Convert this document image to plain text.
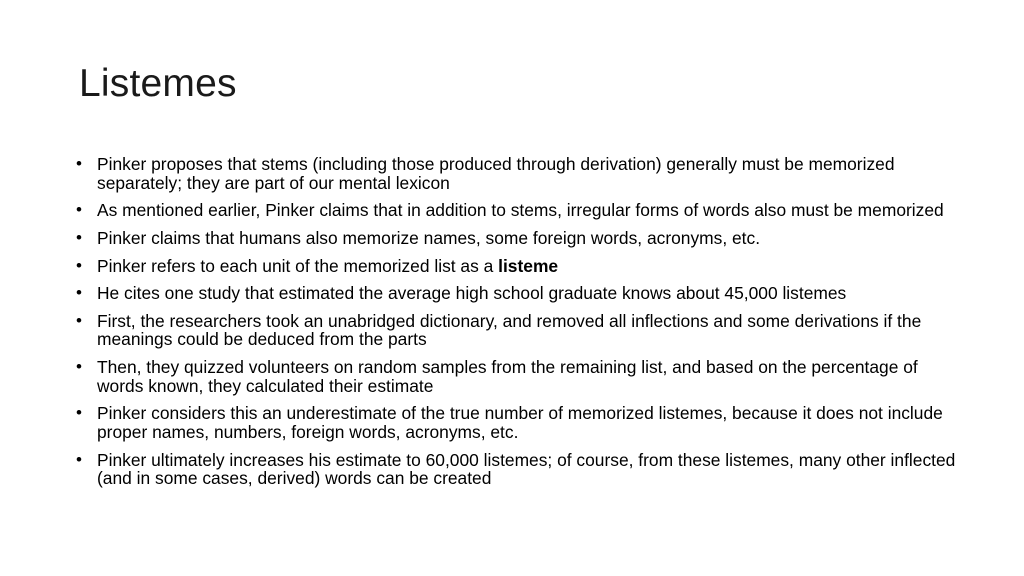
Listemes
• Pinker proposes that stems (including those produced through derivation) generally must be memorized separately; they are part of our mental lexicon
• As mentioned earlier, Pinker claims that in addition to stems, irregular forms of words also must be memorized
• Pinker claims that humans also memorize names, some foreign words, acronyms, etc.
• Pinker refers to each unit of the memorized list as a listeme
• He cites one study that estimated the average high school graduate knows about 45,000 listemes
• First, the researchers took an unabridged dictionary, and removed all inflections and some derivations if the meanings could be deduced from the parts
• Then, they quizzed volunteers on random samples from the remaining list, and based on the percentage of words known, they calculated their estimate
• Pinker considers this an underestimate of the true number of memorized listemes, because it does not include proper names, numbers, foreign words, acronyms, etc.
• Pinker ultimately increases his estimate to 60,000 listemes; of course, from these listemes, many other inflected (and in some cases, derived) words can be created
